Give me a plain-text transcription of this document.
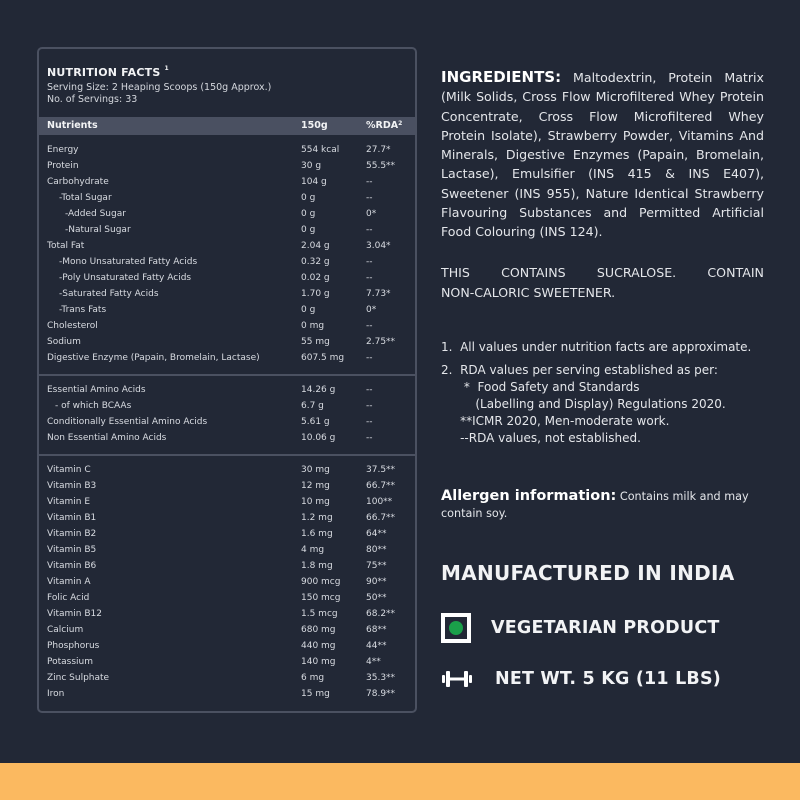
NUTRITION FACTS $^1$
Serving Size: 2 Heaping Scoops (150g Approx.)
No. of Servings: 33
Nutrients	150g	%RDA$^2$
Energy	554 kcal	27.7*
Protein	30 g	55.5**
Carbohydrate	104 g	--
-Total Sugar	0 g	--
-Added Sugar	0 g	0*
-Natural Sugar	0 g	--
Total Fat	2.04 g	3.04*
-Mono Unsaturated Fatty Acids	0.32 g	--
-Poly Unsaturated Fatty Acids	0.02 g	--
-Saturated Fatty Acids	1.70 g	7.73*
-Trans Fats	0 g	0*
Cholesterol	0 mg	--
Sodium	55 mg	2.75**
Digestive Enzyme (Papain, Bromelain, Lactase)	607.5 mg --
Essential Amino Acids	14.26 g	--
- of which BCAAs	6.7 g	--
Conditionally Essential Amino Acids	5.61 g	--
Non Essential Amino Acids	10.06 g	--
Vitamin C	30 mg	37.5**
Vitamin B3	12 mg	66.7**
Vitamin E	10 mg	100**
Vitamin B1	1.2 mg	66.7**
Vitamin B2	1.6 mg	64**
Vitamin B5	4 mg	80**
Vitamin B6	1.8 mg	75**
Vitamin A	900 mcg	90**
Folic Acid	150 mcg	50**
Vitamin B12	1.5 mcg	68.2**
Calcium	680 mg	68**
Phosphorus	440 mg	44**
Potassium	140 mg	4**
Zinc Sulphate	6 mg	35.3**
Iron	15 mg	78.9**
INGREDIENTS: Maltodextrin, Protein Matrix (Milk Solids, Cross Flow Microfiltered Whey Protein Concentrate, Cross Flow Microfiltered Whey Protein Isolate), Strawberry Powder, Vitamins And Minerals, Digestive Enzymes (Papain, Bromelain, Lactase), Emulsifier (INS 415 & INS E407), Sweetener (INS 955), Nature Identical Strawberry Flavouring Substances and Permitted Artificial Food Colouring (INS 124).
THIS CONTAINS SUCRALOSE. CONTAIN
NON-CALORIC SWEETENER.
1.  All values under nutrition facts are approximate.
2.  RDA values per serving established as per:
*  Food Safety and Standards
(Labelling and Display) Regulations 2020.
**ICMR 2020, Men-moderate work.
--RDA values, not established.
Allergen information: Contains milk and may contain soy.
MANUFACTURED IN INDIA
VEGETARIAN PRODUCT
NET WT. 5 KG (11 LBS)
